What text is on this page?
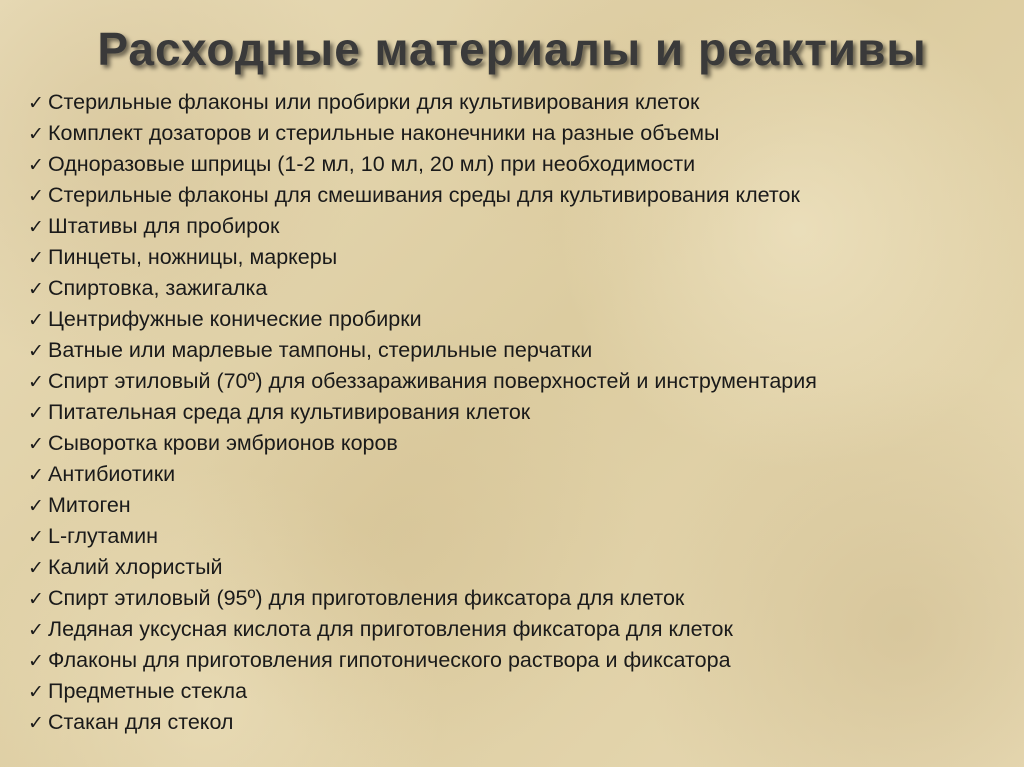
Расходные материалы и реактивы
✓ Стерильные флаконы или пробирки для культивирования клеток
✓ Комплект дозаторов и стерильные наконечники на разные объемы
✓ Одноразовые шприцы (1-2 мл, 10 мл, 20 мл) при необходимости
✓ Стерильные флаконы для смешивания среды для культивирования клеток
✓ Штативы для пробирок
✓ Пинцеты, ножницы, маркеры
✓ Спиртовка, зажигалка
✓ Центрифужные конические пробирки
✓ Ватные или марлевые тампоны, стерильные перчатки
✓ Спирт этиловый (70º) для обеззараживания поверхностей и инструментария
✓ Питательная среда для культивирования клеток
✓ Сыворотка крови эмбрионов коров
✓ Антибиотики
✓ Митоген
✓ L-глутамин
✓ Калий хлористый
✓ Спирт этиловый (95º) для приготовления фиксатора для клеток
✓ Ледяная уксусная кислота для приготовления фиксатора для клеток
✓ Флаконы для приготовления гипотонического раствора и фиксатора
✓ Предметные стекла
✓ Стакан для стекол
